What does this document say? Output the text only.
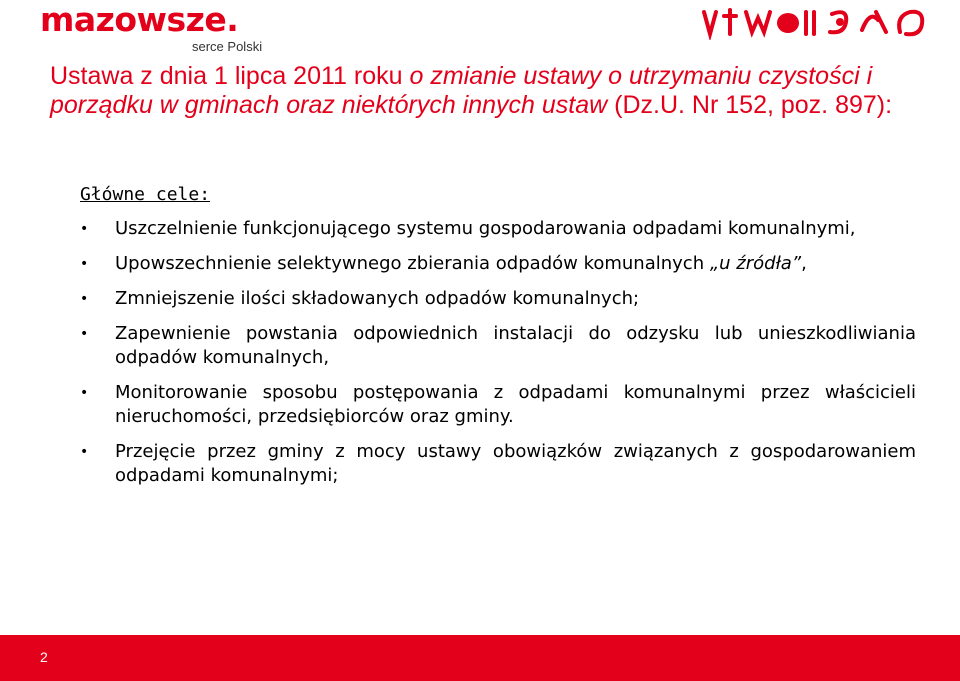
mazowsze.
serce Polski
Ustawa z dnia 1 lipca 2011 roku o zmianie ustawy o utrzymaniu czystości i porządku w gminach oraz niektórych innych ustaw (Dz.U. Nr 152, poz. 897):
Główne cele:
• Uszczelnienie funkcjonującego systemu gospodarowania odpadami komunalnymi,
• Upowszechnienie selektywnego zbierania odpadów komunalnych „u źródła”,
• Zmniejszenie ilości składowanych odpadów komunalnych;
• Zapewnienie powstania odpowiednich instalacji do odzysku lub unieszkodliwiania odpadów komunalnych,
• Monitorowanie sposobu postępowania z odpadami komunalnymi przez właścicieli nieruchomości, przedsiębiorców oraz gminy.
• Przejęcie przez gminy z mocy ustawy obowiązków związanych z gospodarowaniem odpadami komunalnymi;
2
